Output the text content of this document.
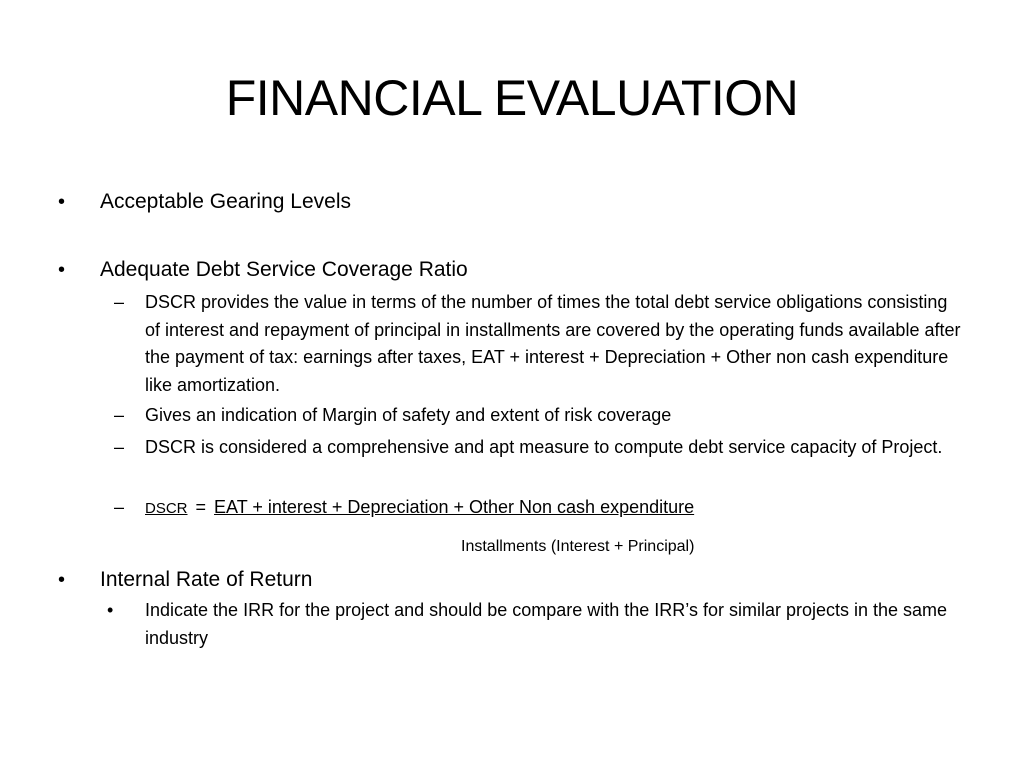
FINANCIAL EVALUATION
• Acceptable Gearing Levels
• Adequate Debt Service Coverage Ratio
– DSCR provides the value in terms of the number of times the total debt service obligations consisting of interest and repayment of principal in installments are covered by the operating funds available after the payment of tax: earnings after taxes, EAT + interest + Depreciation + Other non cash expenditure like amortization.
– Gives an indication of Margin of safety and extent of risk coverage
– DSCR is considered a comprehensive and apt measure to compute debt service capacity of Project.
– DSCR = EAT + interest + Depreciation + Other Non cash expenditure
Installments (Interest + Principal)
• Internal Rate of Return
• Indicate the IRR for the project and should be compare with the IRR’s for similar projects in the same industry
